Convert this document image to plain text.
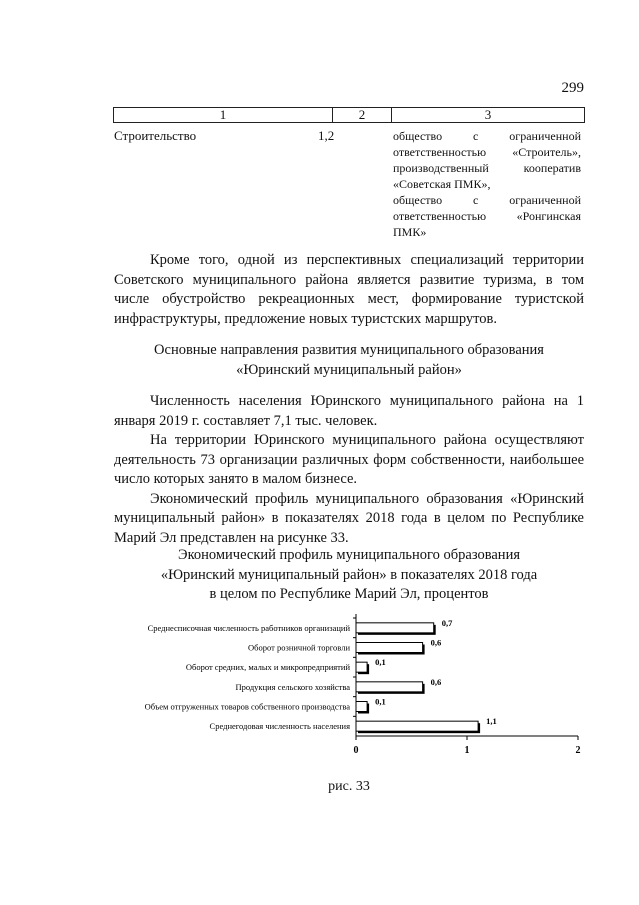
299
1	2	3
Строительство	1,2	общество с ограниченной
ответственностью «Строитель»,
производственный кооператив
«Советская ПМК»,
общество с ограниченной
ответственностью «Ронгинская
ПМК»

Кроме того, одной из перспективных специализаций территории Советского муниципального района является развитие туризма, в том числе обустройство рекреационных мест, формирование туристской инфраструктуры, предложение новых туристских маршрутов.

Основные направления развития муниципального образования
«Юринский муниципальный район»

Численность населения Юринского муниципального района на 1 января 2019 г. составляет 7,1 тыс. человек.

На территории Юринского муниципального района осуществляют деятельность 73 организации различных форм собственности, наибольшее число которых занято в малом бизнесе.

Экономический профиль муниципального образования «Юринский муниципальный район» в показателях 2018 года в целом по Республике Марий Эл представлен на рисунке 33.

Экономический профиль муниципального образования
«Юринский муниципальный район» в показателях 2018 года
в целом по Республике Марий Эл, процентов
0	1	2
Среднесписочная численность работников организаций	0,7
Оборот розничной торговли	0,6
Оборот средних, малых и микропредприятий	0,1
Продукция сельского хозяйства	0,6
Объем отгруженных товаров собственного производства	0,1
Среднегодовая численность населения	1,1
рис. 33
